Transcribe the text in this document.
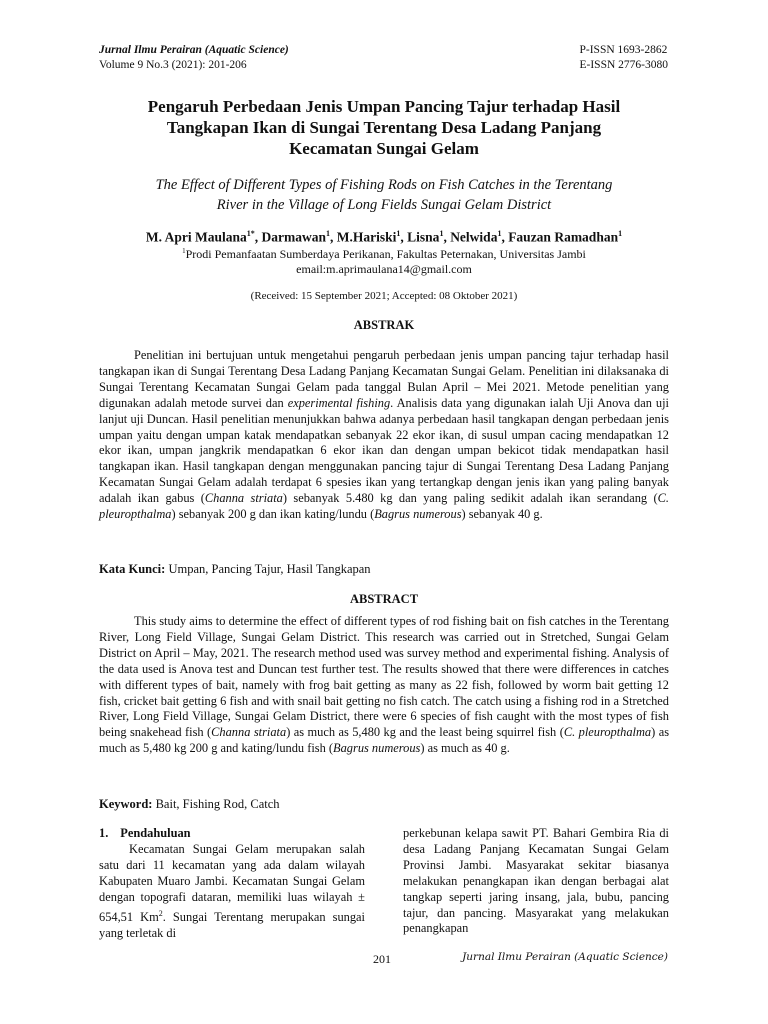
Jurnal Ilmu Perairan (Aquatic Science)
Volume 9 No.3 (2021): 201-206
P-ISSN 1693-2862
E-ISSN 2776-3080
Pengaruh Perbedaan Jenis Umpan Pancing Tajur terhadap Hasil
Tangkapan Ikan di Sungai Terentang Desa Ladang Panjang
Kecamatan Sungai Gelam
The Effect of Different Types of Fishing Rods on Fish Catches in the Terentang
River in the Village of Long Fields Sungai Gelam District
M. Apri Maulana$^{1*}$, Darmawan$^1$, M.Hariski$^1$, Lisna$^1$, Nelwida$^1$, Fauzan Ramadhan$^1$
$^1$Prodi Pemanfaatan Sumberdaya Perikanan, Fakultas Peternakan, Universitas Jambi
email:m.aprimaulana14@gmail.com
(Received: 15 September 2021; Accepted: 08 Oktober 2021)
ABSTRAK
Penelitian ini bertujuan untuk mengetahui pengaruh perbedaan jenis umpan pancing tajur terhadap hasil tangkapan ikan di Sungai Terentang Desa Ladang Panjang Kecamatan Sungai Gelam. Penelitian ini dilaksanaka di Sungai Terentang Kecamatan Sungai Gelam pada tanggal Bulan April – Mei 2021. Metode penelitian yang digunakan adalah metode survei dan experimental fishing. Analisis data yang digunakan ialah Uji Anova dan uji lanjut uji Duncan. Hasil penelitian menunjukkan bahwa adanya perbedaan hasil tangkapan dengan perbedaan jenis umpan yaitu dengan umpan katak mendapatkan sebanyak 22 ekor ikan, di susul umpan cacing mendapatkan 12 ekor ikan, umpan jangkrik mendapatkan 6 ekor ikan dan dengan umpan bekicot tidak mendapatkan hasil tangkapan ikan. Hasil tangkapan dengan menggunakan pancing tajur di Sungai Terentang Desa Ladang Panjang Kecamatan Sungai Gelam adalah terdapat 6 spesies ikan yang tertangkap dengan jenis ikan yang paling banyak adalah ikan gabus (Channa striata) sebanyak 5.480 kg dan yang paling sedikit adalah ikan serandang (C. pleuropthalma) sebanyak 200 g dan ikan kating/lundu (Bagrus numerous) sebanyak 40 g.
Kata Kunci: Umpan, Pancing Tajur, Hasil Tangkapan
ABSTRACT
This study aims to determine the effect of different types of rod fishing bait on fish catches in the Terentang River, Long Field Village, Sungai Gelam District. This research was carried out in Stretched, Sungai Gelam District on April – May, 2021. The research method used was survey method and experimental fishing. Analysis of the data used is Anova test and Duncan test further test. The results showed that there were differences in catches with different types of bait, namely with frog bait getting as many as 22 fish, followed by worm bait getting 12 fish, cricket bait getting 6 fish and with snail bait getting no fish catch. The catch using a fishing rod in a Stretched River, Long Field Village, Sungai Gelam District, there were 6 species of fish caught with the most types of fish being snakehead fish (Channa striata) as much as 5,480 kg and the least being squirrel fish (C. pleuropthalma) as much as 5,480 kg 200 g and kating/lundu fish (Bagrus numerous) as much as 40 g.
Keyword: Bait, Fishing Rod, Catch
1. Pendahuluan
Kecamatan Sungai Gelam merupakan salah satu dari 11 kecamatan yang ada dalam wilayah Kabupaten Muaro Jambi. Kecamatan Sungai Gelam dengan topografi dataran, memiliki luas wilayah ± 654,51 Km$^2$. Sungai Terentang merupakan sungai yang terletak di
perkebunan kelapa sawit PT. Bahari Gembira Ria di desa Ladang Panjang Kecamatan Sungai Gelam Provinsi Jambi. Masyarakat sekitar biasanya melakukan penangkapan ikan dengan berbagai alat tangkap seperti jaring insang, jala, bubu, pancing tajur, dan pancing. Masyarakat yang melakukan penangkapan
201	Jurnal Ilmu Perairan (Aquatic Science)
